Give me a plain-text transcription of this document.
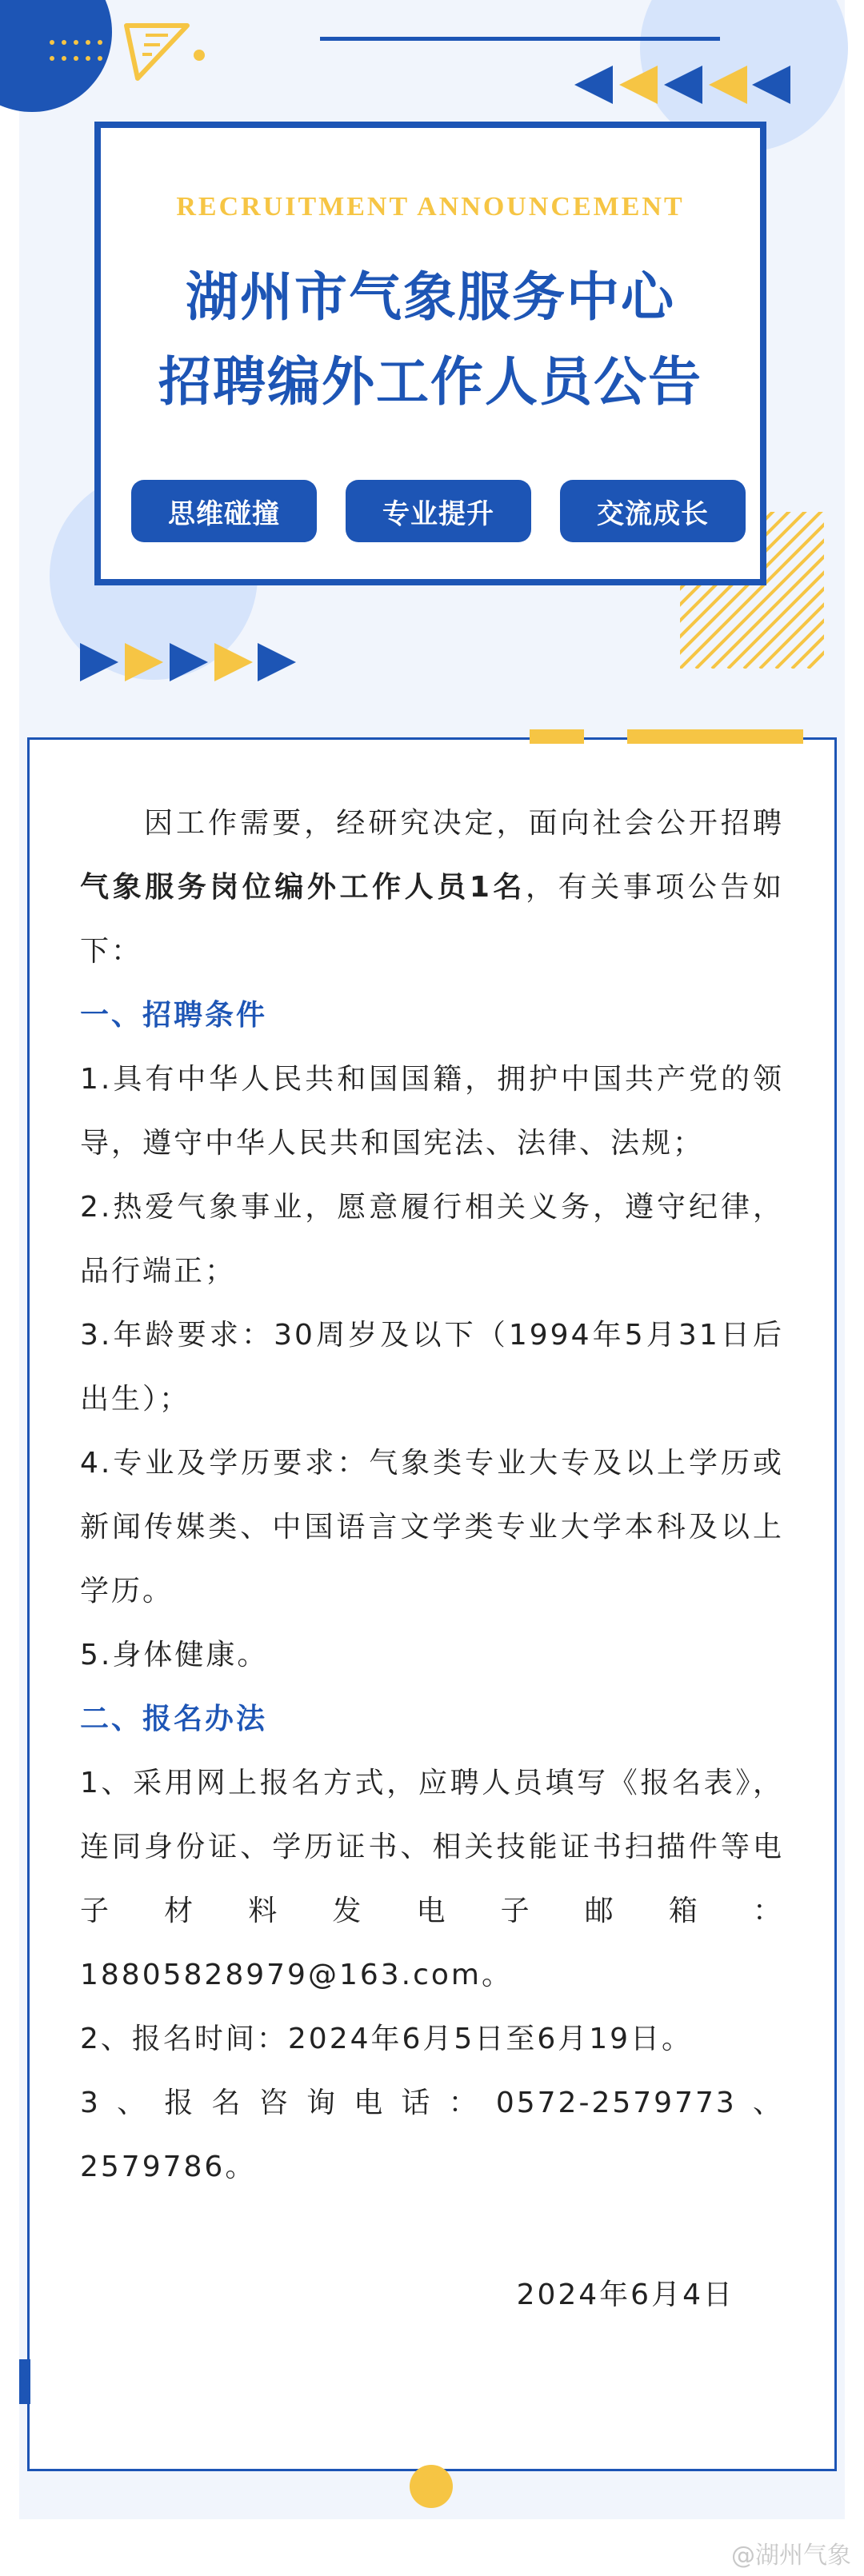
RECRUITMENT ANNOUNCEMENT
湖州市气象服务中心
招聘编外工作人员公告
思维碰撞	专业提升	交流成长

因工作需要，经研究决定，面向社会公开招聘气象服务岗位编外工作人员1名，有关事项公告如下：

一、招聘条件

1.具有中华人民共和国国籍，拥护中国共产党的领导，遵守中华人民共和国宪法、法律、法规；

2.热爱气象事业，愿意履行相关义务，遵守纪律，品行端正；

3.年龄要求：30周岁及以下（1994年5月31日后出生）；

4.专业及学历要求：气象类专业大专及以上学历或新闻传媒类、中国语言文学类专业大学本科及以上学历。

5.身体健康。

二、报名办法

1、采用网上报名方式，应聘人员填写《报名表》，连同身份证、学历证书、相关技能证书扫描件等电子材料发电子邮箱：18805828979@163.com。

2、报名时间：2024年6月5日至6月19日。

3、报名咨询电话：0572-2579773、2579786。

2024年6月4日

@湖州气象
